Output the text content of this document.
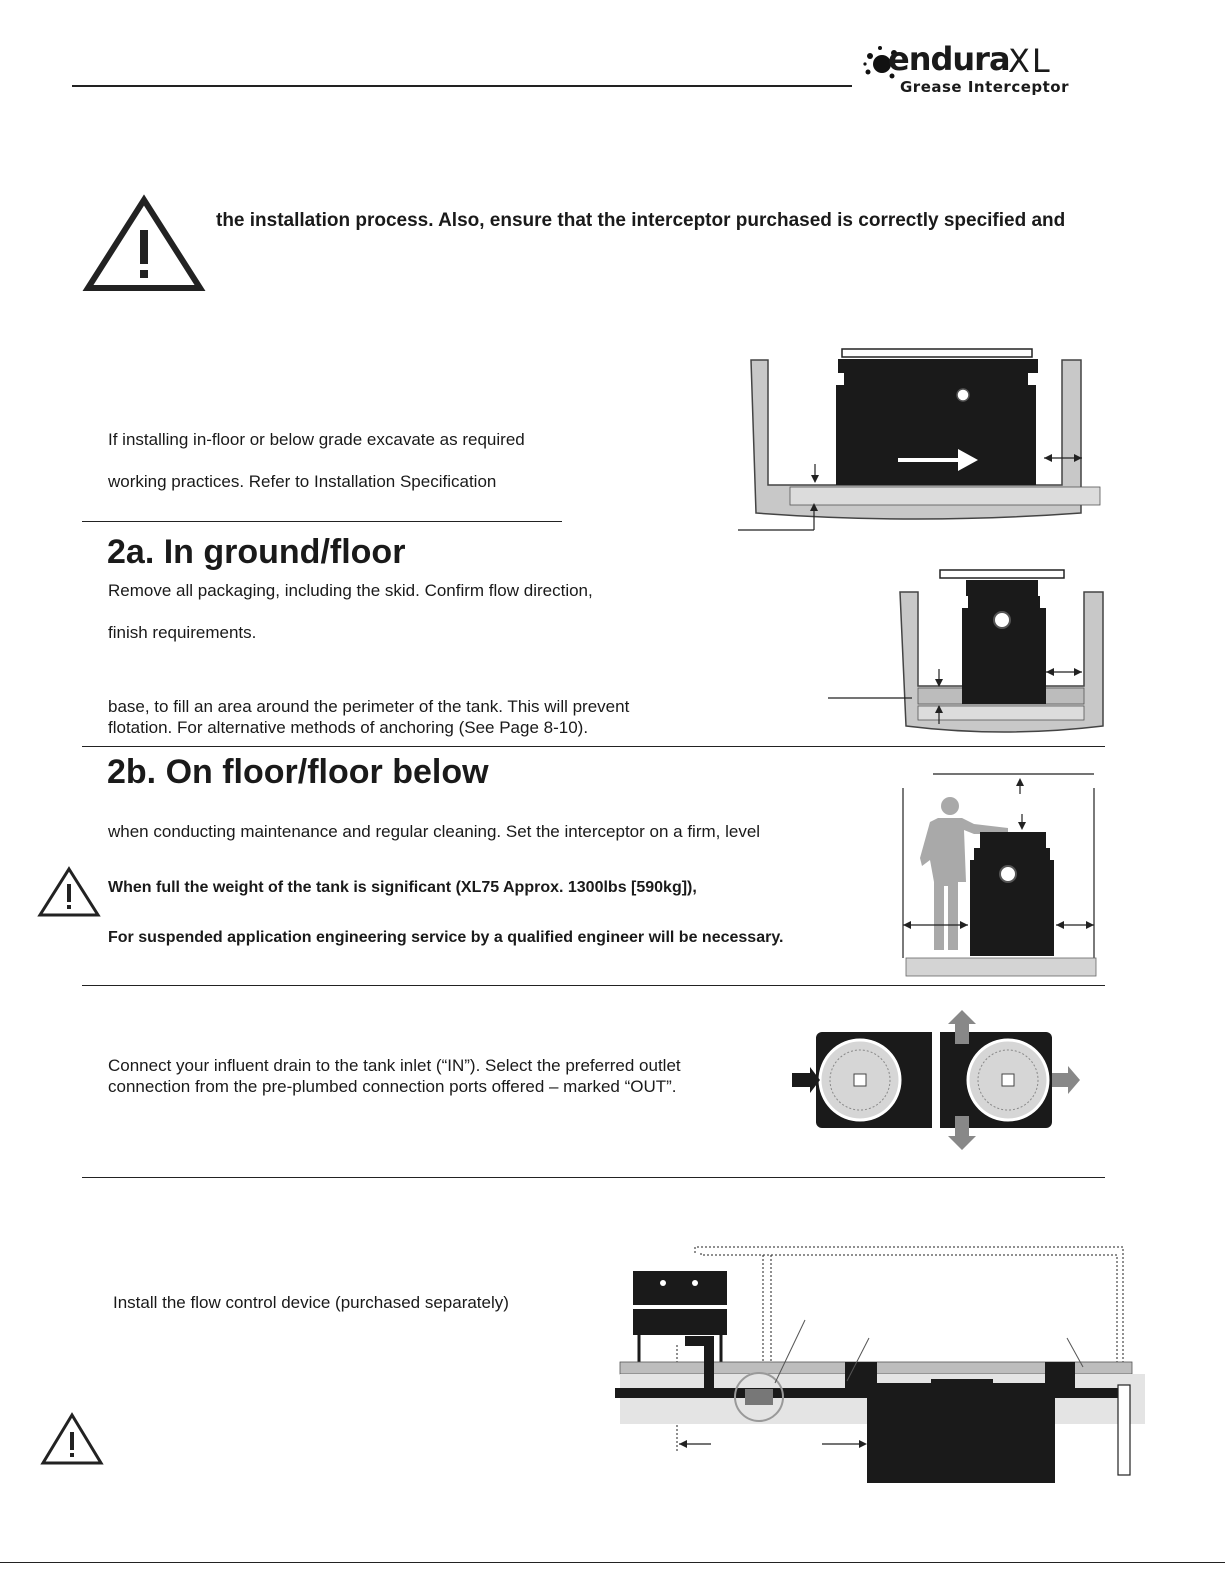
endura
XL
Grease Interceptor
the installation process. Also, ensure that the interceptor purchased is correctly specified and
If installing in-floor or below grade excavate as required
working practices. Refer to Installation Specification
2a. In ground/floor
Remove all packaging, including the skid. Confirm flow direction,
finish requirements.
base, to fill an area around the perimeter of the tank. This will prevent
flotation. For alternative methods of anchoring (See Page 8-10).
2b. On floor/floor below
when conducting maintenance and regular cleaning. Set the interceptor on a firm, level
When full the weight of the tank is significant (XL75 Approx. 1300lbs [590kg]),
For suspended application engineering service by a qualified engineer will be necessary.
Connect your influent drain to the tank inlet (“IN”). Select the preferred outlet
connection from the pre-plumbed connection ports offered – marked “OUT”.
Install the flow control device (purchased separately)
